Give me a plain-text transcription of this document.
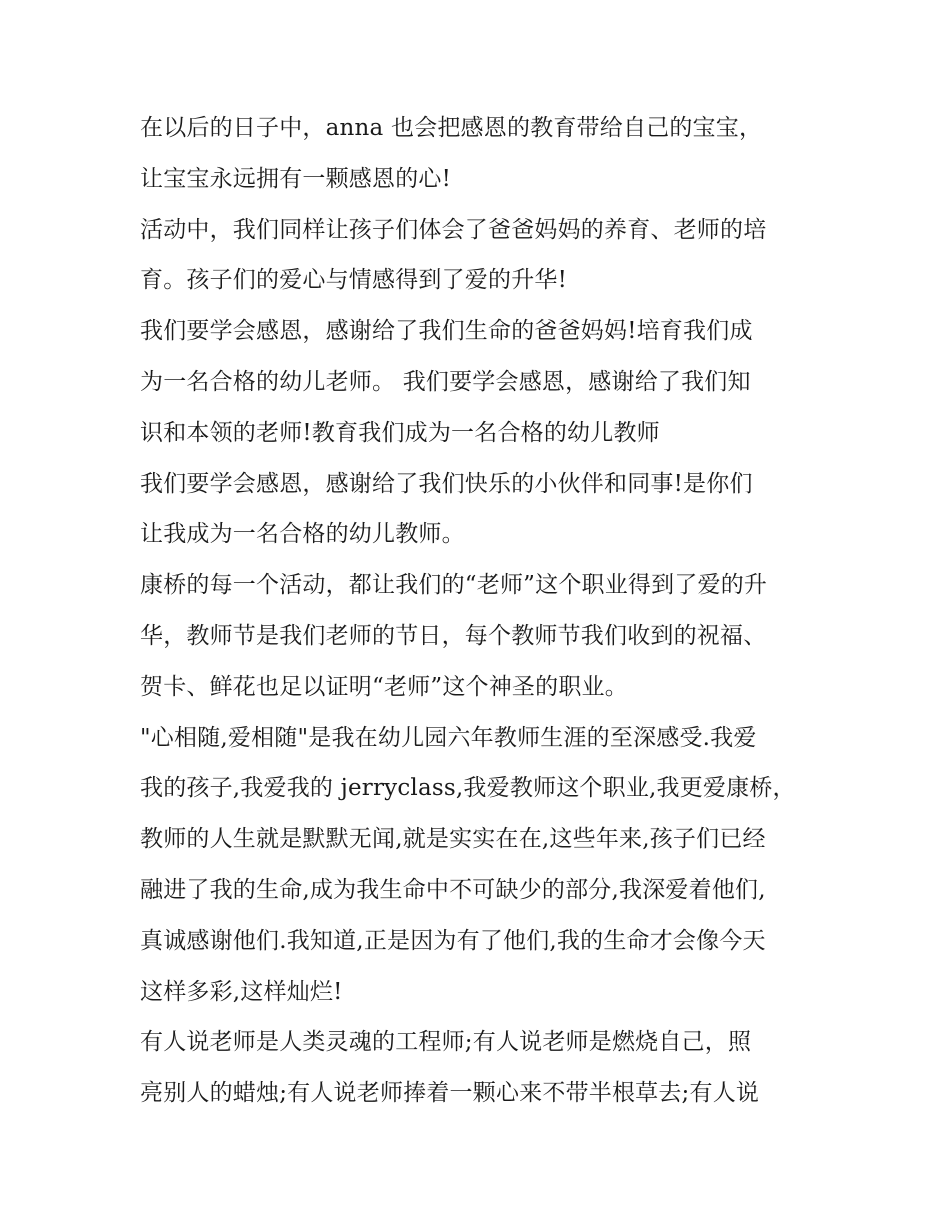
在以后的日子中，anna 也会把感恩的教育带给自己的宝宝，
让宝宝永远拥有一颗感恩的心!
活动中，我们同样让孩子们体会了爸爸妈妈的养育、老师的培
育。孩子们的爱心与情感得到了爱的升华!
我们要学会感恩，感谢给了我们生命的爸爸妈妈!培育我们成
为一名合格的幼儿老师。 我们要学会感恩，感谢给了我们知
识和本领的老师!教育我们成为一名合格的幼儿教师
我们要学会感恩，感谢给了我们快乐的小伙伴和同事!是你们
让我成为一名合格的幼儿教师。
康桥的每一个活动，都让我们的“老师”这个职业得到了爱的升
华，教师节是我们老师的节日，每个教师节我们收到的祝福、
贺卡、鲜花也足以证明“老师”这个神圣的职业。
"心相随,爱相随"是我在幼儿园六年教师生涯的至深感受.我爱
我的孩子,我爱我的 jerryclass,我爱教师这个职业,我更爱康桥，
教师的人生就是默默无闻,就是实实在在,这些年来,孩子们已经
融进了我的生命,成为我生命中不可缺少的部分,我深爱着他们,
真诚感谢他们.我知道,正是因为有了他们,我的生命才会像今天
这样多彩,这样灿烂!
有人说老师是人类灵魂的工程师;有人说老师是燃烧自己，照
亮别人的蜡烛;有人说老师捧着一颗心来不带半根草去;有人说
